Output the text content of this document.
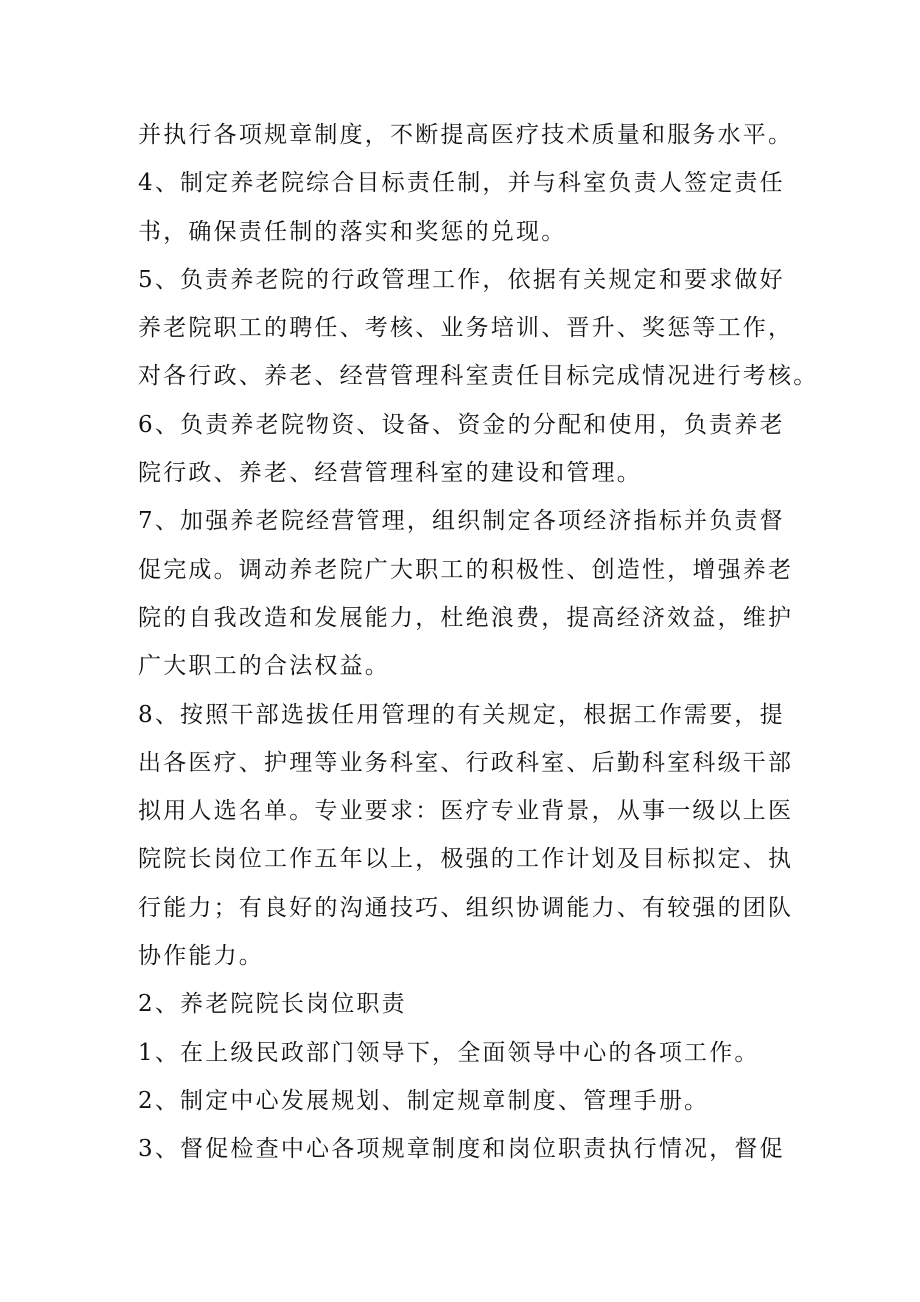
并执行各项规章制度，不断提高医疗技术质量和服务水平。
4、制定养老院综合目标责任制，并与科室负责人签定责任
书，确保责任制的落实和奖惩的兑现。
5、负责养老院的行政管理工作，依据有关规定和要求做好
养老院职工的聘任、考核、业务培训、晋升、奖惩等工作，
对各行政、养老、经营管理科室责任目标完成情况进行考核。
6、负责养老院物资、设备、资金的分配和使用，负责养老
院行政、养老、经营管理科室的建设和管理。
7、加强养老院经营管理，组织制定各项经济指标并负责督
促完成。调动养老院广大职工的积极性、创造性，增强养老
院的自我改造和发展能力，杜绝浪费，提高经济效益，维护
广大职工的合法权益。
8、按照干部选拔任用管理的有关规定，根据工作需要，提
出各医疗、护理等业务科室、行政科室、后勤科室科级干部
拟用人选名单。专业要求：医疗专业背景，从事一级以上医
院院长岗位工作五年以上，极强的工作计划及目标拟定、执
行能力；有良好的沟通技巧、组织协调能力、有较强的团队
协作能力。
2、养老院院长岗位职责
1、在上级民政部门领导下，全面领导中心的各项工作。
2、制定中心发展规划、制定规章制度、管理手册。
3、督促检查中心各项规章制度和岗位职责执行情况，督促
